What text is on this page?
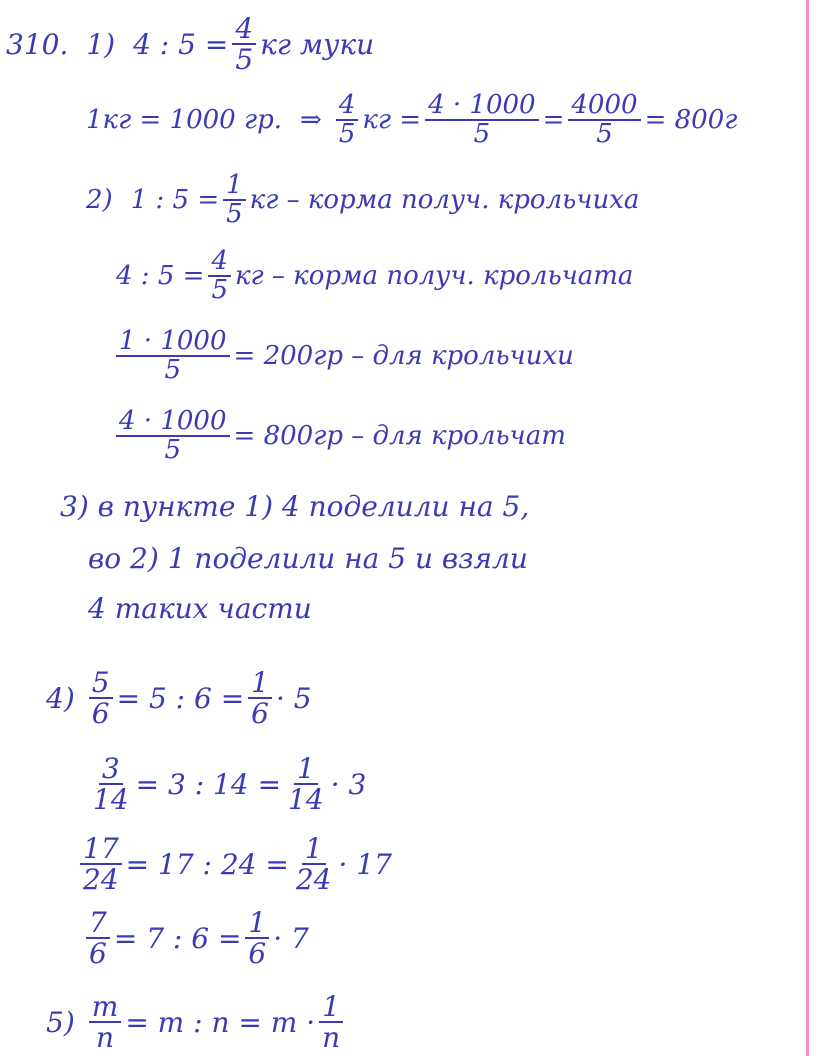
310. 1) 4 : $5 = \frac{4}{5}$ кг муки
1кг = 1000 гр. ⇒ $\frac{4}{5}$ кг = $\frac{4 \cdot 1000}{5} = \frac{4000}{5} = 800г$
2) 1 : $5 = \frac{1}{5}$ кг – корма получ. крольчиха
4 : $5 = \frac{4}{5}$ кг – корма получ. крольчата
$\frac{1 \cdot 1000}{5} = 200гр$ – для крольчихи
$\frac{4 \cdot 1000}{5} = 800гр$ – для крольчат
3) в пункте 1) 4 поделили на 5,
во 2) 1 поделили на 5 и взяли
4 таких части
$4) \frac{5}{6} = 5$ : $6 = \frac{1}{6} \cdot 5$
$\frac{3}{14} = 3$ : $14 = \frac{1}{14} \cdot 3$
$\frac{17}{24} = 17$ : $24 = \frac{1}{24} \cdot 17$
$\frac{7}{6} = 7$ : $6 = \frac{1}{6} \cdot 7$
$5) \frac{m}{n} = m$ : $n = m \cdot \frac{1}{n}$
